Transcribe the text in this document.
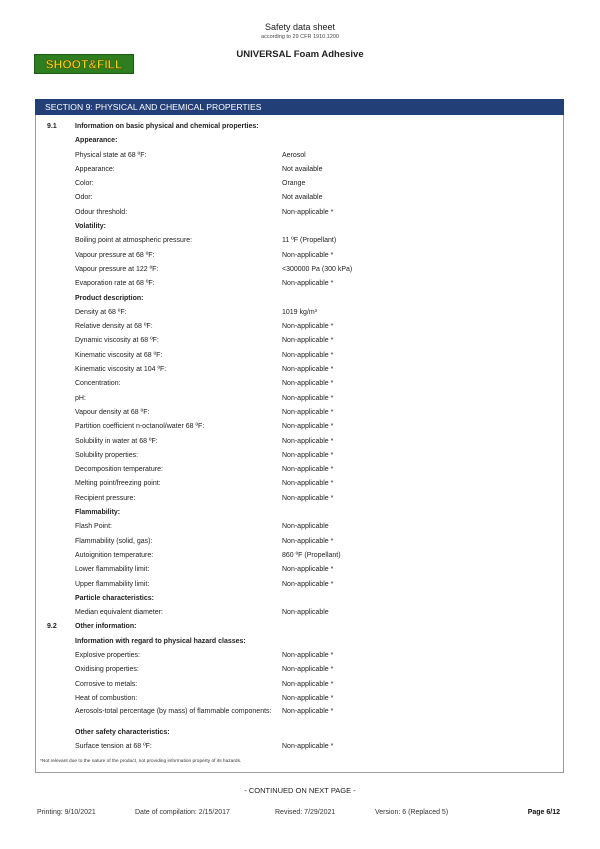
Safety data sheet
according to 29 CFR 1910.1200
UNIVERSAL Foam Adhesive
SHOOT&FILL
SECTION 9: PHYSICAL AND CHEMICAL PROPERTIES
9.1	Information on basic physical and chemical properties:
Appearance:
Physical state at 68 ºF:	Aerosol
Appearance:	Not available
Color:	Orange
Odor:	Not available
Odour threshold:	Non-applicable *
Volatility:
Boiling point at atmospheric pressure:	11 ºF (Propellant)
Vapour pressure at 68 ºF:	Non-applicable *
Vapour pressure at 122 ºF:	<300000 Pa (300 kPa)
Evaporation rate at 68 ºF:	Non-applicable *
Product description:
Density at 68 ºF:	1019 kg/m³
Relative density at 68 ºF:	Non-applicable *
Dynamic viscosity at 68 ºF:	Non-applicable *
Kinematic viscosity at 68 ºF:	Non-applicable *
Kinematic viscosity at 104 ºF:	Non-applicable *
Concentration:	Non-applicable *
pH:	Non-applicable *
Vapour density at 68 ºF:	Non-applicable *
Partition coefficient n-octanol/water 68 ºF:	Non-applicable *
Solubility in water at 68 ºF:	Non-applicable *
Solubility properties:	Non-applicable *
Decomposition temperature:	Non-applicable *
Melting point/freezing point:	Non-applicable *
Recipient pressure:	Non-applicable *
Flammability:
Flash Point:	Non-applicable
Flammability (solid, gas):	Non-applicable *
Autoignition temperature:	860 ºF (Propellant)
Lower flammability limit:	Non-applicable *
Upper flammability limit:	Non-applicable *
Particle characteristics:
Median equivalent diameter:	Non-applicable
9.2	Other information:
Information with regard to physical hazard classes:
Explosive properties:	Non-applicable *
Oxidising properties:	Non-applicable *
Corrosive to metals:	Non-applicable *
Heat of combustion:	Non-applicable *
Aerosols-total percentage (by mass) of flammable components:	Non-applicable *
Other safety characteristics:
Surface tension at 68 ºF:	Non-applicable *
*Not relevant due to the nature of the product, not providing information property of its hazards.
- CONTINUED ON NEXT PAGE -
Printing: 9/10/2021	Date of compilation: 2/15/2017	Revised: 7/29/2021	Version: 6 (Replaced 5)	Page 6/12
